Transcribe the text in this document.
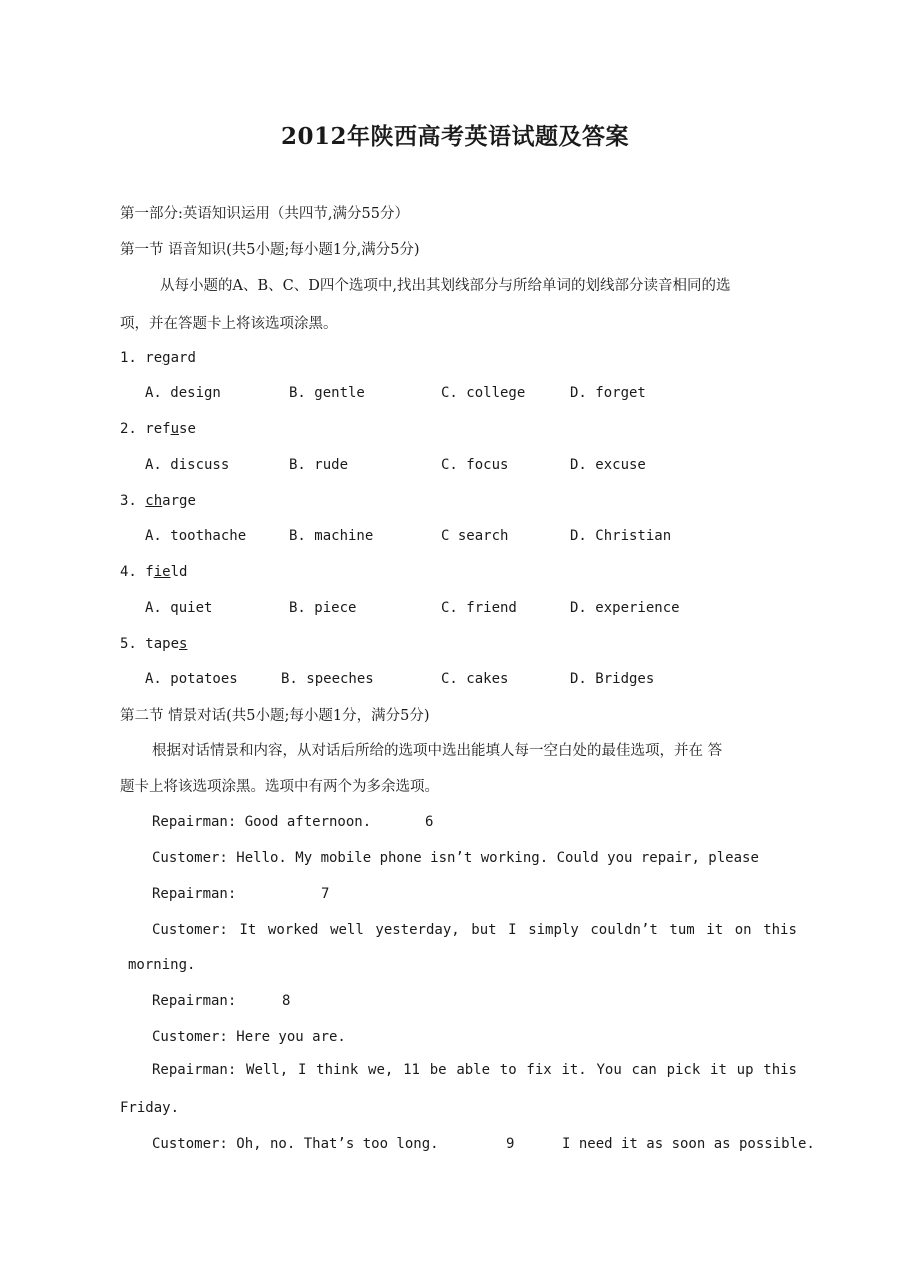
2012年陕西高考英语试题及答案
第一部分:英语知识运用（共四节,满分55分）
第一节 语音知识(共5小题;每小题1分,满分5分)
从每小题的A、B、C、D四个选项中,找出其划线部分与所给单词的划线部分读音相同的选
项，并在答题卡上将该选项涂黑。
1. regard
A. design	B. gentle	C. college	D. forget
2. refuse
A. discuss	B. rude	C. focus	D. excuse
3. charge
A. toothache	B. machine	C search	D. Christian
4. field
A. quiet	B. piece	C. friend	D. experience
5. tapes
A. potatoes	B. speeches	C. cakes	D. Bridges
第二节 情景对话(共5小题;每小题1分，满分5分)
根据对话情景和内容，从对话后所给的选项中选出能填人每一空白处的最佳选项，并在 答
题卡上将该选项涂黑。选项中有两个为多余选项。
Repairman: Good afternoon.	6
Customer: Hello. My mobile phone isn’t working. Could you repair, please
Repairman:	7
Customer: It worked well yesterday, but I simply couldn’t tum it on this
morning.
Repairman:	8
Customer: Here you are.
Repairman: Well, I think we, 11 be able to fix it. You can pick it up this
Friday.
Customer: Oh, no. That’s too long.	9	I need it as soon as possible.
